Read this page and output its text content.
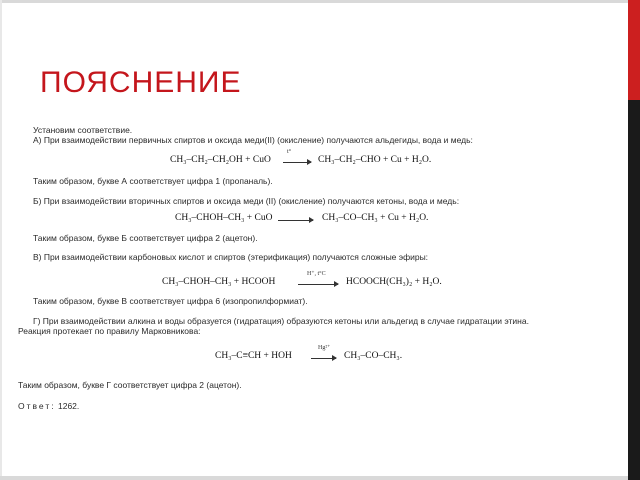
ПОЯСНЕНИЕ
Установим соответствие.
А) При взаимодействии первичных спиртов и оксида меди(II) (окисление) получаются альдегиды, вода и медь:
CH₃–CH₂–CH₂OH + CuO
t°
CH₃–CH₂–CHO + Cu + H₂O.
Таким образом, букве А соответствует цифра 1 (пропаналь).
Б) При взаимодействии вторичных спиртов и оксида меди (II) (окисление) получаются кетоны, вода и медь:
CH₃–CHOH–CH₃ + CuO	CH₃–CO–CH₃ + Cu + H₂O.
Таким образом, букве Б соответствует цифра 2 (ацетон).
В) При взаимодействии карбоновых кислот и спиртов (этерификация) получаются сложные эфиры:
CH₃–CHOH–CH₃ + HCOOH
H⁺, t°C
HCOOCH(CH₃)₂ + H₂O.
Таким образом, букве В соответствует цифра 6 (изопропилформиат).
Г) При взаимодействии алкина и воды образуется (гидратация) образуются кетоны или альдегид в случае гидратации этина.
Реакция протекает по правилу Марковникова:
CH₃–C≡CH + HOH
Hg²⁺
CH₃–CO–CH₃.
Таким образом, букве Г соответствует цифра 2 (ацетон).
Ответ: 1262.
